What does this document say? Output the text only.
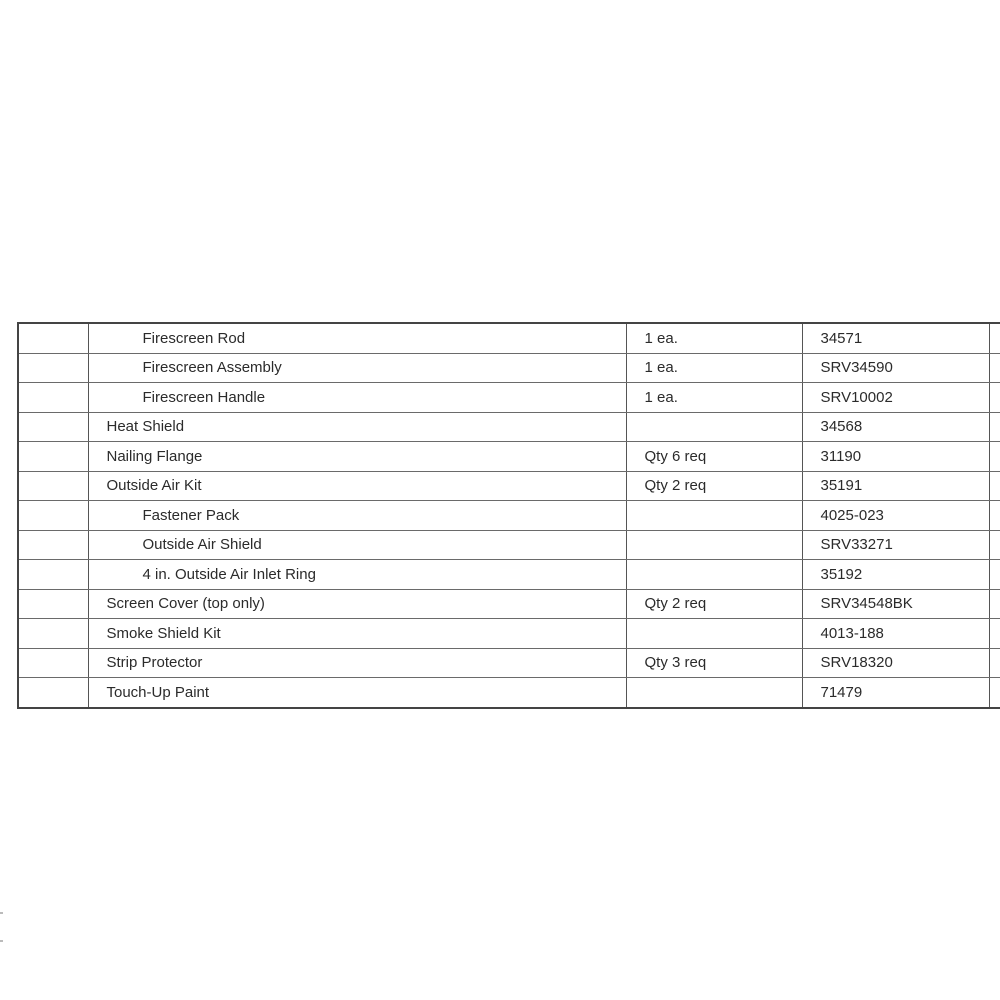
	Firescreen Rod	1 ea.	34571	
	Firescreen Assembly	1 ea.	SRV34590	
	Firescreen Handle	1 ea.	SRV10002	
	Heat Shield		34568	
	Nailing Flange	Qty 6 req	31190	
	Outside Air Kit	Qty 2 req	35191	
	Fastener Pack		4025-023	
	Outside Air Shield		SRV33271	
	4 in. Outside Air Inlet Ring		35192	
	Screen Cover (top only)	Qty 2 req	SRV34548BK	
	Smoke Shield Kit		4013-188	
	Strip Protector	Qty 3 req	SRV18320	
	Touch-Up Paint		71479	
